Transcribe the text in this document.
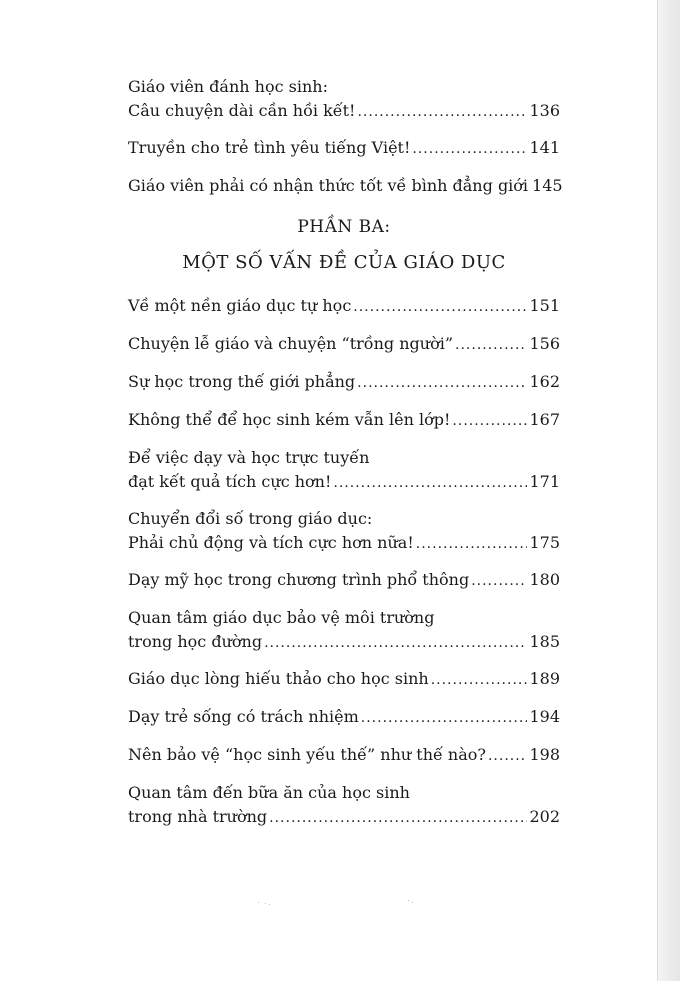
Giáo viên đánh học sinh:
Câu chuyện dài cần hồi kết! .....	136
Truyền cho trẻ tình yêu tiếng Việt! .....	141
Giáo viên phải có nhận thức tốt về bình đẳng giới 145
PHẦN BA:
MỘT SỐ VẤN ĐỀ CỦA GIÁO DỤC
Về một nền giáo dục tự học .....	151
Chuyện lễ giáo và chuyện “trồng người” .....	156
Sự học trong thế giới phẳng .....	162
Không thể để học sinh kém vẫn lên lớp! .....	167
Để việc dạy và học trực tuyến
đạt kết quả tích cực hơn! .....	171
Chuyển đổi số trong giáo dục:
Phải chủ động và tích cực hơn nữa! .....	175
Dạy mỹ học trong chương trình phổ thông .....	180
Quan tâm giáo dục bảo vệ môi trường
trong học đường .....	185
Giáo dục lòng hiếu thảo cho học sinh .....	189
Dạy trẻ sống có trách nhiệm .....	194
Nên bảo vệ “học sinh yếu thế” như thế nào? .....	198
Quan tâm đến bữa ăn của học sinh
trong nhà trường .....	202
